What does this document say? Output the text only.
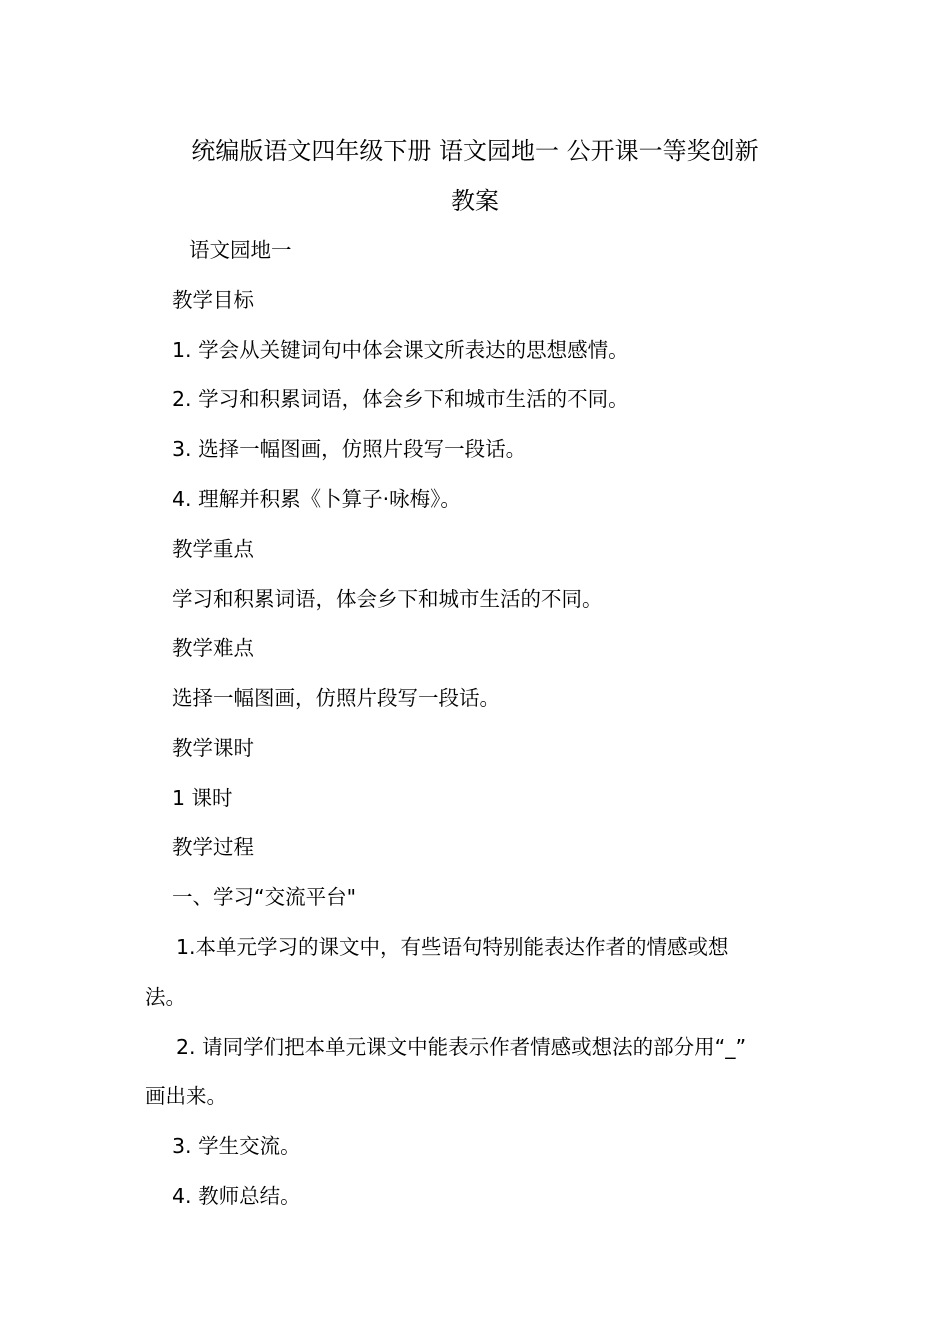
统编版语文四年级下册 语文园地一 公开课一等奖创新
教案
语文园地一
教学目标
1. 学会从关键词句中体会课文所表达的思想感情。
2. 学习和积累词语，体会乡下和城市生活的不同。
3. 选择一幅图画，仿照片段写一段话。
4. 理解并积累《卜算子·咏梅》。
教学重点
学习和积累词语，体会乡下和城市生活的不同。
教学难点
选择一幅图画，仿照片段写一段话。
教学课时
1 课时
教学过程
一、学习“交流平台"
1.本单元学习的课文中，有些语句特别能表达作者的情感或想
法。
2. 请同学们把本单元课文中能表示作者情感或想法的部分用“_”
画出来。
3. 学生交流。
4. 教师总结。
